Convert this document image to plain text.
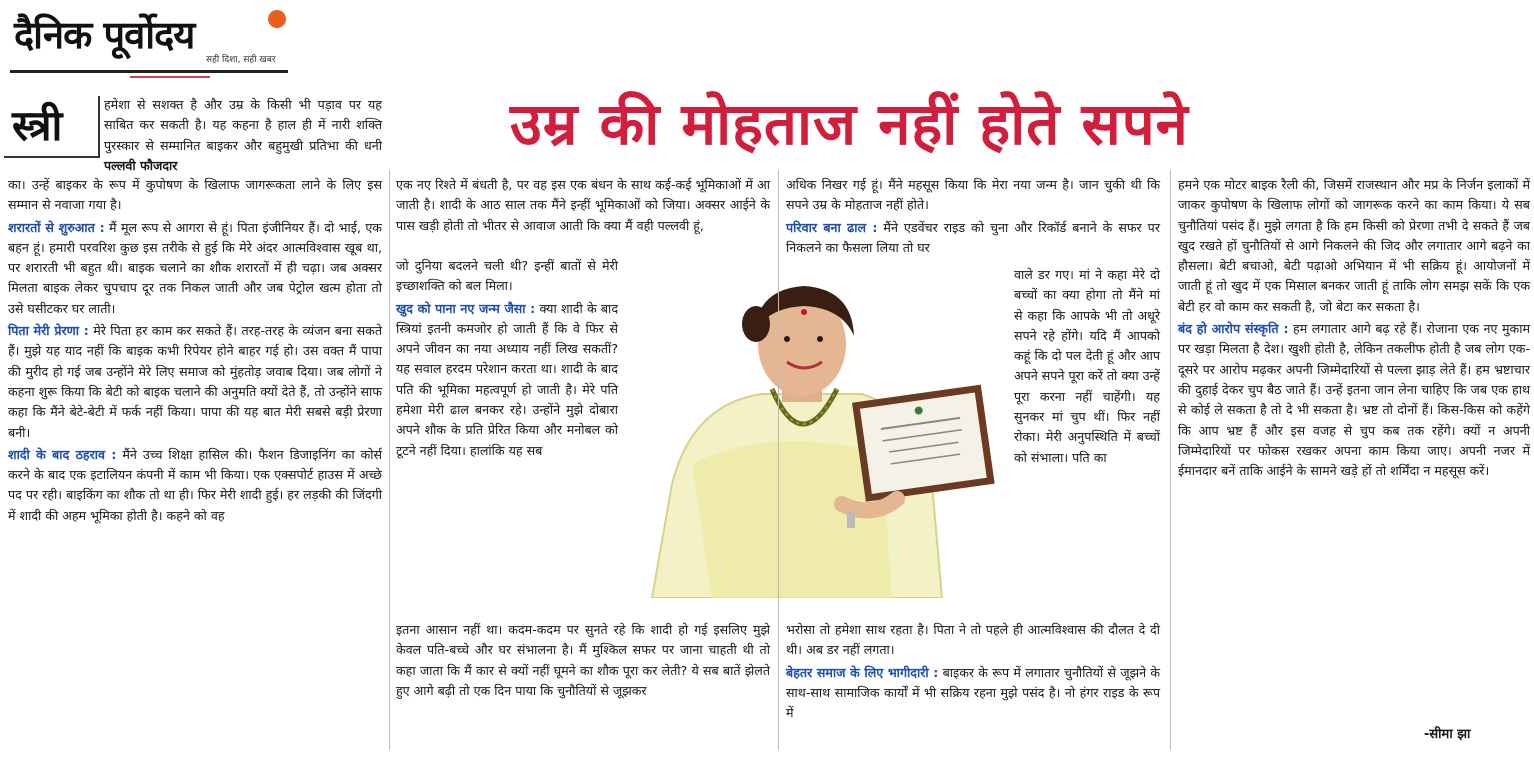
दैनिक पूर्वोदय
सही दिशा, सही खबर
उम्र की मोहताज नहीं होते सपने
स्त्री	हमेशा से सशक्त है और उम्र के किसी भी पड़ाव पर यह साबित कर सकती है। यह कहना है हाल ही में नारी शक्ति पुरस्कार से सम्मानित बाइकर और बहुमुखी प्रतिभा की धनी पल्लवी फौजदार

का। उन्हें बाइकर के रूप में कुपोषण के खिलाफ जागरूकता लाने के लिए इस सम्मान से नवाजा गया है।

शरारतों से शुरुआत : मैं मूल रूप से आगरा से हूं। पिता इंजीनियर हैं। दो भाई, एक बहन हूं। हमारी परवरिश कुछ इस तरीके से हुई कि मेरे अंदर आत्मविश्वास खूब था, पर शरारती भी बहुत थी। बाइक चलाने का शौक शरारतों में ही चढ़ा। जब अक्सर मिलता बाइक लेकर चुपचाप दूर तक निकल जाती और जब पेट्रोल खत्म होता तो उसे घसीटकर घर लाती।

पिता मेरी प्रेरणा : मेरे पिता हर काम कर सकते हैं। तरह-तरह के व्यंजन बना सकते हैं। मुझे यह याद नहीं कि बाइक कभी रिपेयर होने बाहर गई हो। उस वक्त मैं पापा की मुरीद हो गई जब उन्होंने मेरे लिए समाज को मुंहतोड़ जवाब दिया। जब लोगों ने कहना शुरू किया कि बेटी को बाइक चलाने की अनुमति क्यों देते हैं, तो उन्होंने साफ कहा कि मैंने बेटे-बेटी में फर्क नहीं किया। पापा की यह बात मेरी सबसे बड़ी प्रेरणा बनी।

शादी के बाद ठहराव : मैंने उच्च शिक्षा हासिल की। फैशन डिजाइनिंग का कोर्स करने के बाद एक इटालियन कंपनी में काम भी किया। एक एक्सपोर्ट हाउस में अच्छे पद पर रही। बाइकिंग का शौक तो था ही। फिर मेरी शादी हुई। हर लड़की की जिंदगी में शादी की अहम भूमिका होती है। कहने को वह

एक नए रिश्ते में बंधती है, पर वह इस एक बंधन के साथ कई-कई भूमिकाओं में आ जाती है। शादी के आठ साल तक मैंने इन्हीं भूमिकाओं को जिया। अक्सर आईने के पास खड़ी होती तो भीतर से आवाज आती कि क्या मैं वही पल्लवी हूं,

जो दुनिया बदलने चली थी? इन्हीं बातों से मेरी इच्छाशक्ति को बल मिला।

खुद को पाना नए जन्म जैसा : क्या शादी के बाद स्त्रियां इतनी कमजोर हो जाती हैं कि वे फिर से अपने जीवन का नया अध्याय नहीं लिख सकतीं? यह सवाल हरदम परेशान करता था। शादी के बाद पति की भूमिका महत्वपूर्ण हो जाती है। मेरे पति हमेशा मेरी ढाल बनकर रहे। उन्होंने मुझे दोबारा अपने शौक के प्रति प्रेरित किया और मनोबल को टूटने नहीं दिया। हालांकि यह सब

इतना आसान नहीं था। कदम-कदम पर सुनते रहे कि शादी हो गई इसलिए मुझे केवल पति-बच्चे और घर संभालना है। मैं मुश्किल सफर पर जाना चाहती थी तो कहा जाता कि मैं कार से क्यों नहीं घूमने का शौक पूरा कर लेती? ये सब बातें झेलते हुए आगे बढ़ी तो एक दिन पाया कि चुनौतियों से जूझकर

अधिक निखर गई हूं। मैंने महसूस किया कि मेरा नया जन्म है। जान चुकी थी कि सपने उम्र के मोहताज नहीं होते।

परिवार बना ढाल : मैंने एडवेंचर राइड को चुना और रिकॉर्ड बनाने के सफर पर निकलने का फैसला लिया तो घर

वाले डर गए। मां ने कहा मेरे दो बच्चों का क्या होगा तो मैंने मां से कहा कि आपके भी तो अधूरे सपने रहे होंगे। यदि मैं आपको कहूं कि दो पल देती हूं और आप अपने सपने पूरा करें तो क्या उन्हें पूरा करना नहीं चाहेंगी। यह सुनकर मां चुप थीं। फिर नहीं रोका। मेरी अनुपस्थिति में बच्चों को संभाला। पति का

भरोसा तो हमेशा साथ रहता है। पिता ने तो पहले ही आत्मविश्वास की दौलत दे दी थी। अब डर नहीं लगता।

बेहतर समाज के लिए भागीदारी : बाइकर के रूप में लगातार चुनौतियों से जूझने के साथ-साथ सामाजिक कार्यों में भी सक्रिय रहना मुझे पसंद है। नो हंगर राइड के रूप में

हमने एक मोटर बाइक रैली की, जिसमें राजस्थान और मप्र के निर्जन इलाकों में जाकर कुपोषण के खिलाफ लोगों को जागरूक करने का काम किया। ये सब चुनौतियां पसंद हैं। मुझे लगता है कि हम किसी को प्रेरणा तभी दे सकते हैं जब खुद रखते हों चुनौतियों से आगे निकलने की जिद और लगातार आगे बढ़ने का हौसला। बेटी बचाओ, बेटी पढ़ाओ अभियान में भी सक्रिय हूं। आयोजनों में जाती हूं तो खुद में एक मिसाल बनकर जाती हूं ताकि लोग समझ सकें कि एक बेटी हर वो काम कर सकती है, जो बेटा कर सकता है।

बंद हो आरोप संस्कृति : हम लगातार आगे बढ़ रहे हैं। रोजाना एक नए मुकाम पर खड़ा मिलता है देश। खुशी होती है, लेकिन तकलीफ होती है जब लोग एक-दूसरे पर आरोप मढ़कर अपनी जिम्मेदारियों से पल्ला झाड़ लेते हैं। हम भ्रष्टाचार की दुहाई देकर चुप बैठ जाते हैं। उन्हें इतना जान लेना चाहिए कि जब एक हाथ से कोई ले सकता है तो दे भी सकता है। भ्रष्ट तो दोनों हैं। किस-किस को कहेंगे कि आप भ्रष्ट हैं और इस वजह से चुप कब तक रहेंगे। क्यों न अपनी जिम्मेदारियों पर फोकस रखकर अपना काम किया जाए। अपनी नजर में ईमानदार बनें ताकि आईने के सामने खड़े हों तो शर्मिंदा न महसूस करें।

-सीमा झा
